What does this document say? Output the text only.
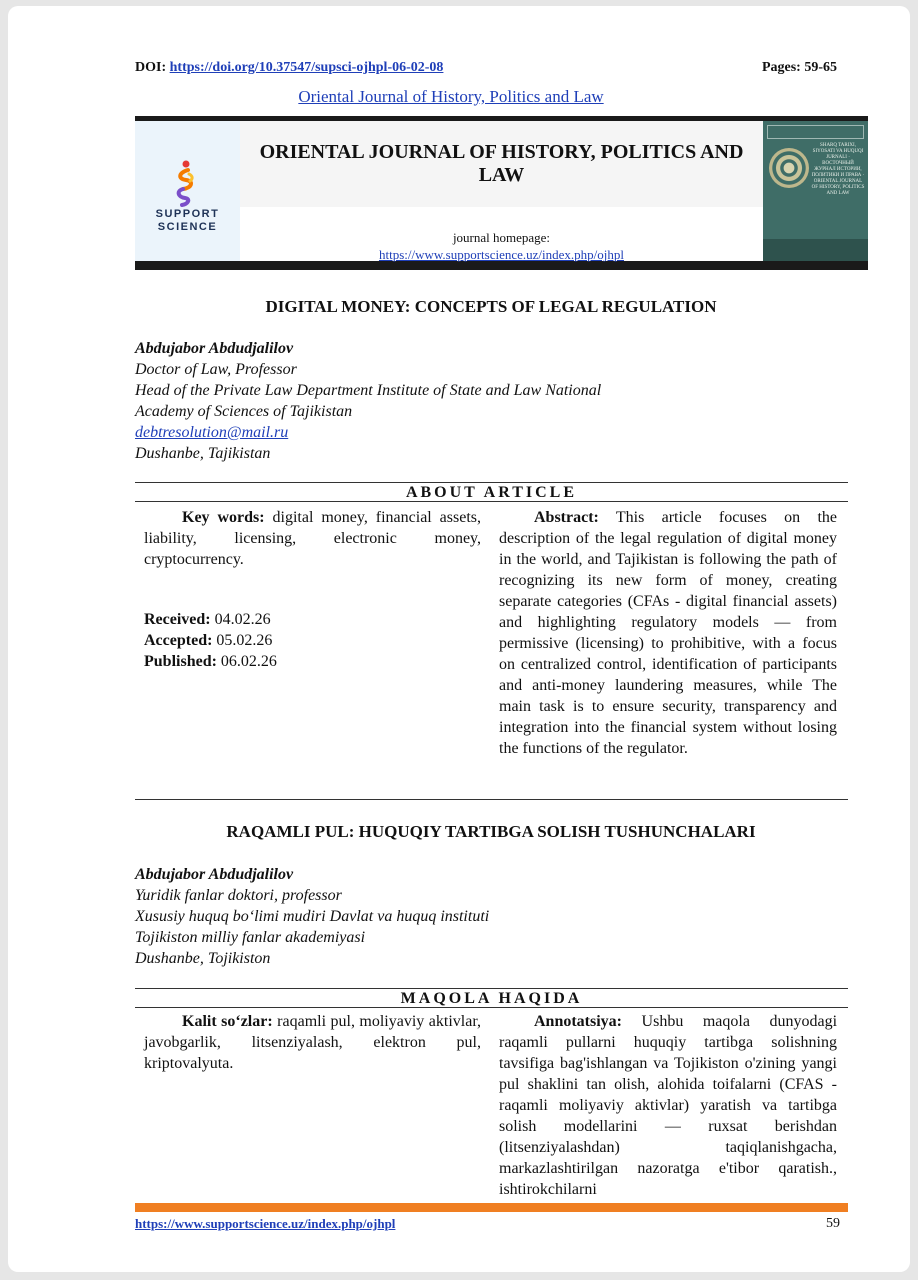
DOI: https://doi.org/10.37547/supsci-ojhpl-06-02-08	Pages: 59-65
Oriental Journal of History, Politics and Law
SUPPORT
SCIENCE
ORIENTAL JOURNAL OF HISTORY, POLITICS AND LAW
journal homepage:
https://www.supportscience.uz/index.php/ojhpl
SHARQ TARIXI, SIYOSATI VA HUQUQI JURNALI · ВОСТОЧНЫЙ ЖУРНАЛ ИСТОРИИ, ПОЛИТИКИ И ПРАВА · ORIENTAL JOURNAL OF HISTORY, POLITICS AND LAW
DIGITAL MONEY: CONCEPTS OF LEGAL REGULATION
Abdujabor Abdudjalilov
Doctor of Law, Professor
Head of the Private Law Department Institute of State and Law National
Academy of Sciences of Tajikistan
debtresolution@mail.ru
Dushanbe, Tajikistan
ABOUT ARTICLE
Key words: digital money, financial assets, liability, licensing, electronic money, cryptocurrency.
Received: 04.02.26
Accepted: 05.02.26
Published: 06.02.26
Abstract: This article focuses on the description of the legal regulation of digital money in the world, and Tajikistan is following the path of recognizing its new form of money, creating separate categories (CFAs - digital financial assets) and highlighting regulatory models — from permissive (licensing) to prohibitive, with a focus on centralized control, identification of participants and anti-money laundering measures, while The main task is to ensure security, transparency and integration into the financial system without losing the functions of the regulator.
RAQAMLI PUL: HUQUQIY TARTIBGA SOLISH TUSHUNCHALARI
Abdujabor Abdudjalilov
Yuridik fanlar doktori, professor
Xususiy huquq boʻlimi mudiri Davlat va huquq instituti
Tojikiston milliy fanlar akademiyasi
Dushanbe, Tojikiston
MAQOLA HAQIDA
Kalit soʻzlar: raqamli pul, moliyaviy aktivlar, javobgarlik, litsenziyalash, elektron pul, kriptovalyuta.
Annotatsiya: Ushbu maqola dunyodagi raqamli pullarni huquqiy tartibga solishning tavsifiga bag'ishlangan va Tojikiston o'zining yangi pul shaklini tan olish, alohida toifalarni (CFAS - raqamli moliyaviy aktivlar) yaratish va tartibga solish modellarini — ruxsat berishdan (litsenziyalashdan) taqiqlanishgacha, markazlashtirilgan nazoratga e'tibor qaratish., ishtirokchilarni
https://www.supportscience.uz/index.php/ojhpl	59
